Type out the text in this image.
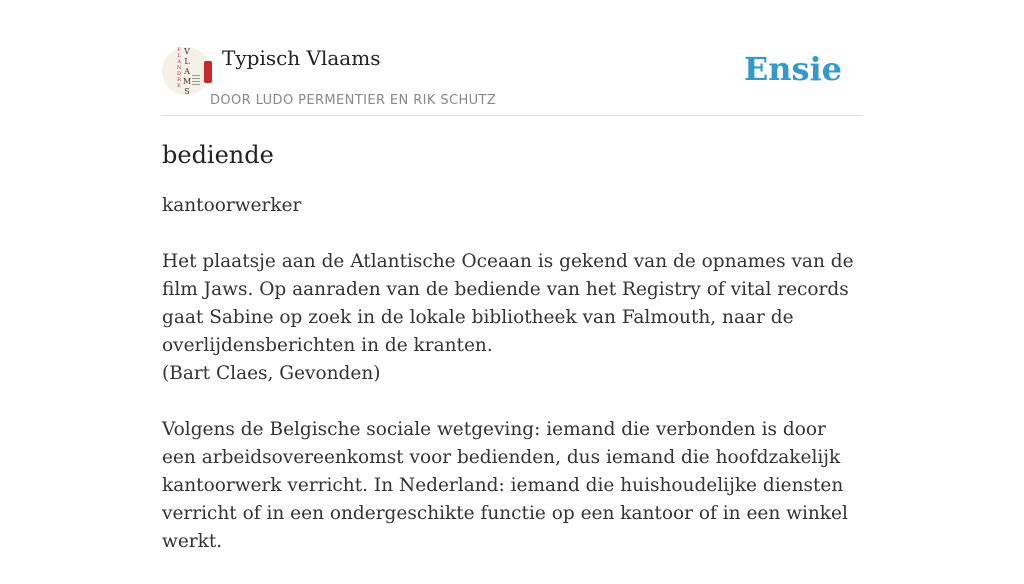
F
L
A
N
D
R
E
V
L
A
M
S
Typisch Vlaams
DOOR LUDO PERMENTIER EN RIK SCHUTZ
Ensie
bediende

kantoorwerker

Het plaatsje aan de Atlantische Oceaan is gekend van de opnames van de film Jaws. Op aanraden van de bediende van het Registry of vital records gaat Sabine op zoek in de lokale bibliotheek van Falmouth, naar de overlijdensberichten in de kranten.
(Bart Claes, Gevonden)

Volgens de Belgische sociale wetgeving: iemand die verbonden is door een arbeidsovereenkomst voor bedienden, dus iemand die hoofdzakelijk kantoorwerk verricht. In Nederland: iemand die huishoudelijke diensten verricht of in een ondergeschikte functie op een kantoor of in een winkel werkt.
